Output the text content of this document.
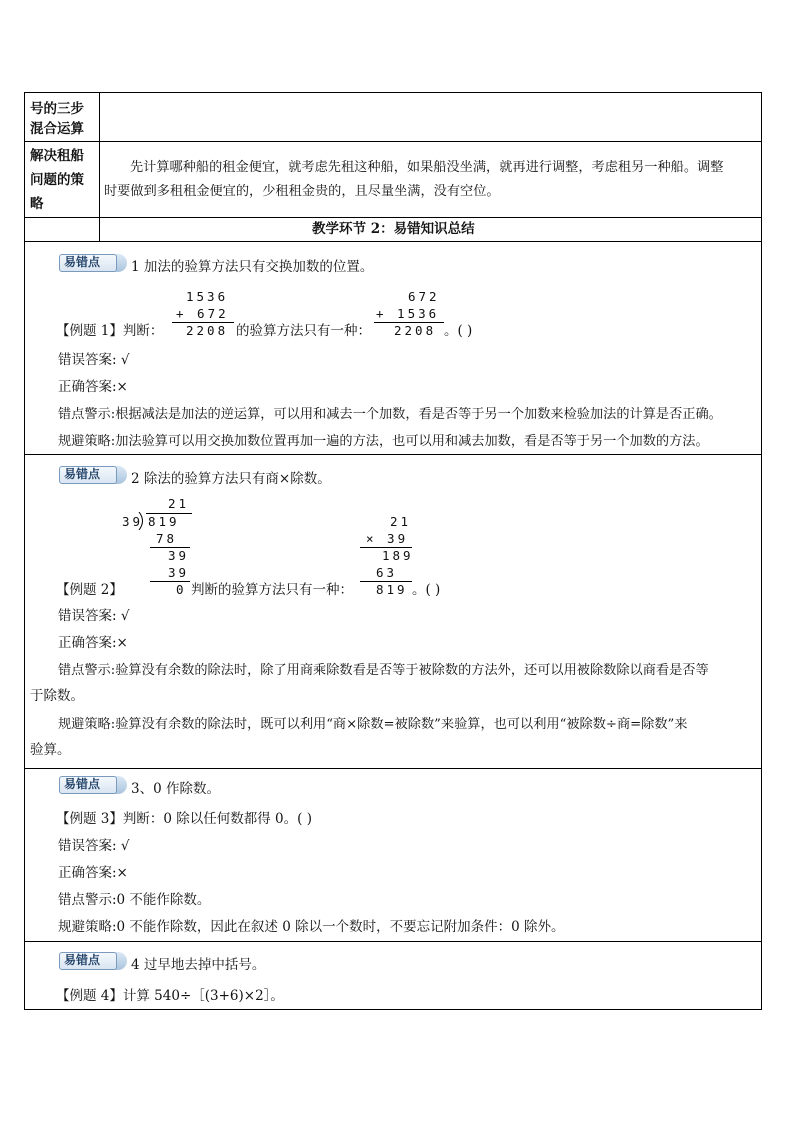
号的三步
混合运算
解决租船
问题的策
略
先计算哪种船的租金便宜，就考虑先租这种船，如果船没坐满，就再进行调整，考虑租另一种船。调整
时要做到多租租金便宜的，少租租金贵的，且尽量坐满，没有空位。
教学环节 2：易错知识总结
易错点 1 加法的验算方法只有交换加数的位置。
1536
+ 672
2208
【例题 1】判断：	的验算方法只有一种：
672
+ 1536
2208 。( )
错误答案: √
正确答案:×
错点警示:根据减法是加法的逆运算，可以用和减去一个加数，看是否等于另一个加数来检验加法的计算是否正确。
规避策略:加法验算可以用交换加数位置再加一遍的方法，也可以用和减去加数，看是否等于另一个加数的方法。
易错点 2 除法的验算方法只有商×除数。
21
39 819
78
39
39
0
【例题 2】	判断的验算方法只有一种：
21
× 39
189
63
819 。( )
错误答案: √
正确答案:×
错点警示:验算没有余数的除法时，除了用商乘除数看是否等于被除数的方法外，还可以用被除数除以商看是否等
于除数。
规避策略:验算没有余数的除法时，既可以利用“商×除数=被除数”来验算，也可以利用“被除数÷商=除数”来
验算。
易错点 3、0 作除数。
【例题 3】判断：0 除以任何数都得 0。( )
错误答案: √
正确答案:×
错点警示:0 不能作除数。
规避策略:0 不能作除数，因此在叙述 0 除以一个数时，不要忘记附加条件：0 除外。
易错点 4 过早地去掉中括号。
【例题 4】计算 540÷［(3+6)×2］。
